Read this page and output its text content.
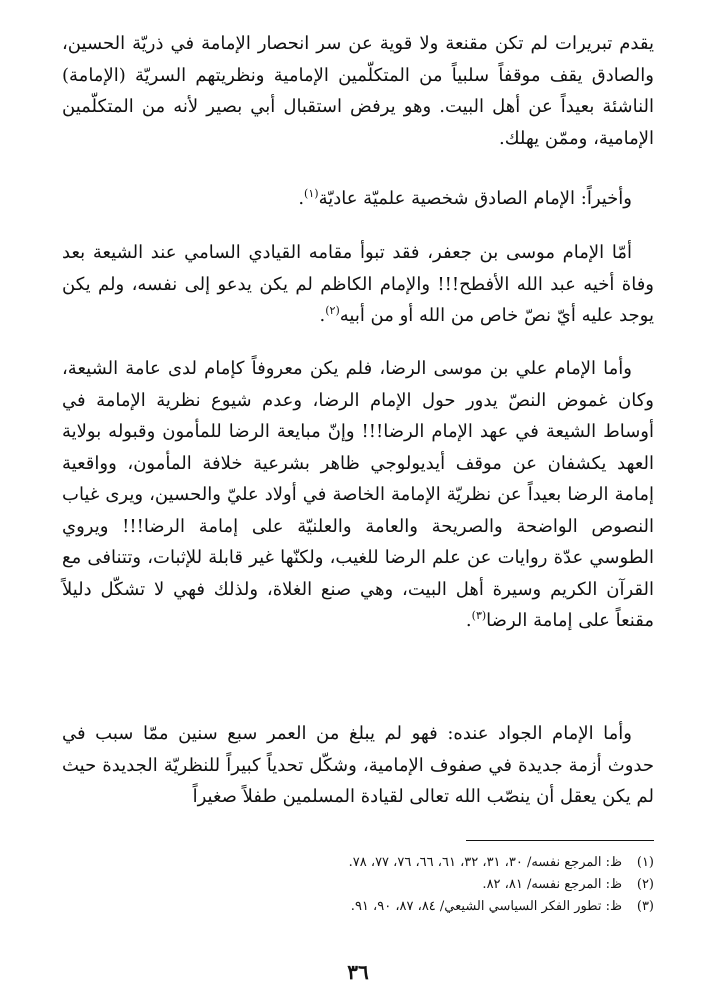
يقدم تبريرات لم تكن مقنعة ولا قوية عن سر انحصار الإمامة في ذريّة الحسين، والصادق يقف موقفاً سلبياً من المتكلّمين الإمامية ونظريتهم السريّة (الإمامة) الناشئة بعيداً عن أهل البيت. وهو يرفض استقبال أبي بصير لأنه من المتكلّمين الإمامية، وممّن يهلك.

وأخيراً: الإمام الصادق شخصية علميّة عاديّة$^{(١)}$.

أمّا الإمام موسى بن جعفر، فقد تبوأ مقامه القيادي السامي عند الشيعة بعد وفاة أخيه عبد الله الأفطح!!! والإمام الكاظم لم يكن يدعو إلى نفسه، ولم يكن يوجد عليه أيّ نصّ خاص من الله أو من أبيه$^{(٢)}$.

وأما الإمام علي بن موسى الرضا، فلم يكن معروفاً كإمام لدى عامة الشيعة، وكان غموض النصّ يدور حول الإمام الرضا، وعدم شيوع نظرية الإمامة في أوساط الشيعة في عهد الإمام الرضا!!! وإنّ مبايعة الرضا للمأمون وقبوله بولاية العهد يكشفان عن موقف أيديولوجي ظاهر بشرعية خلافة المأمون، وواقعية إمامة الرضا بعيداً عن نظريّة الإمامة الخاصة في أولاد عليّ والحسين، ويرى غياب النصوص الواضحة والصريحة والعامة والعلنيّة على إمامة الرضا!!! ويروي الطوسي عدّة روايات عن علم الرضا للغيب، ولكنّها غير قابلة للإثبات، وتتنافى مع القرآن الكريم وسيرة أهل البيت، وهي صنع الغلاة، ولذلك فهي لا تشكّل دليلاً مقنعاً على إمامة الرضا$^{(٣)}$.

وأما الإمام الجواد عنده: فهو لم يبلغ من العمر سبع سنين ممّا سبب في حدوث أزمة جديدة في صفوف الإمامية، وشكّل تحدياً كبيراً للنظريّة الجديدة حيث لم يكن يعقل أن ينصّب الله تعالى لقيادة المسلمين طفلاً صغيراً

(١)
ظ: المرجع نفسه/ ٣٠، ٣١، ٣٢، ٦١، ٦٦، ٧٦، ٧٧، ٧٨.
(٢)
ظ: المرجع نفسه/ ٨١، ٨٢.
(٣)
ظ: تطور الفكر السياسي الشيعي/ ٨٤، ٨٧، ٩٠، ٩١.
٣٦
